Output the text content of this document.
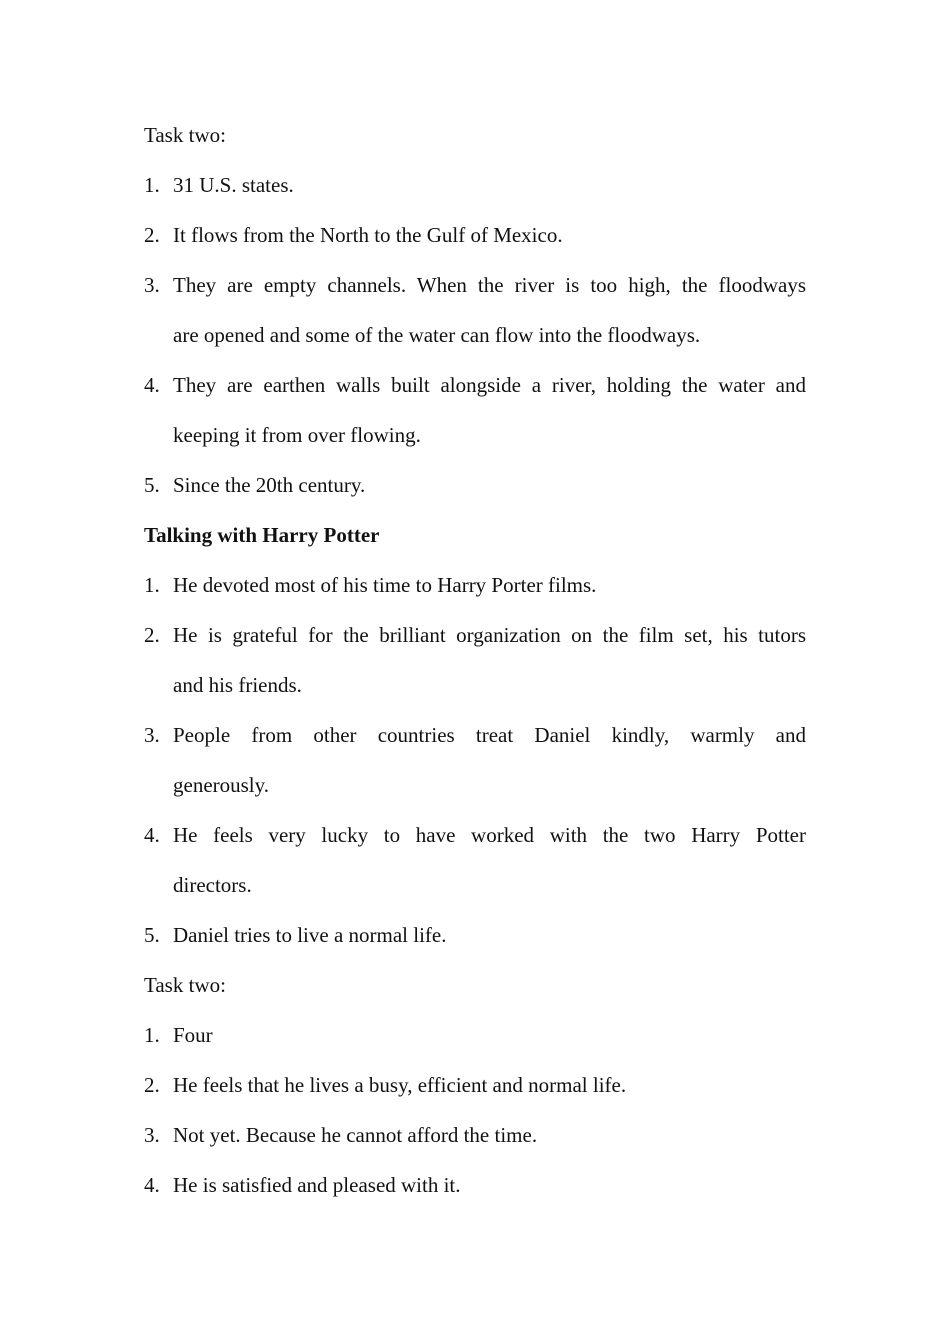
Task two:
1. 31 U.S. states.
2. It flows from the North to the Gulf of Mexico.
3. They are empty channels. When the river is too high, the floodways
are opened and some of the water can flow into the floodways.
4. They are earthen walls built alongside a river, holding the water and
keeping it from over flowing.
5. Since the 20th century.
Talking with Harry Potter
1. He devoted most of his time to Harry Porter films.
2. He is grateful for the brilliant organization on the film set, his tutors
and his friends.
3. People from other countries treat Daniel kindly, warmly and
generously.
4. He feels very lucky to have worked with the two Harry Potter
directors.
5. Daniel tries to live a normal life.
Task two:
1. Four
2. He feels that he lives a busy, efficient and normal life.
3. Not yet. Because he cannot afford the time.
4. He is satisfied and pleased with it.
